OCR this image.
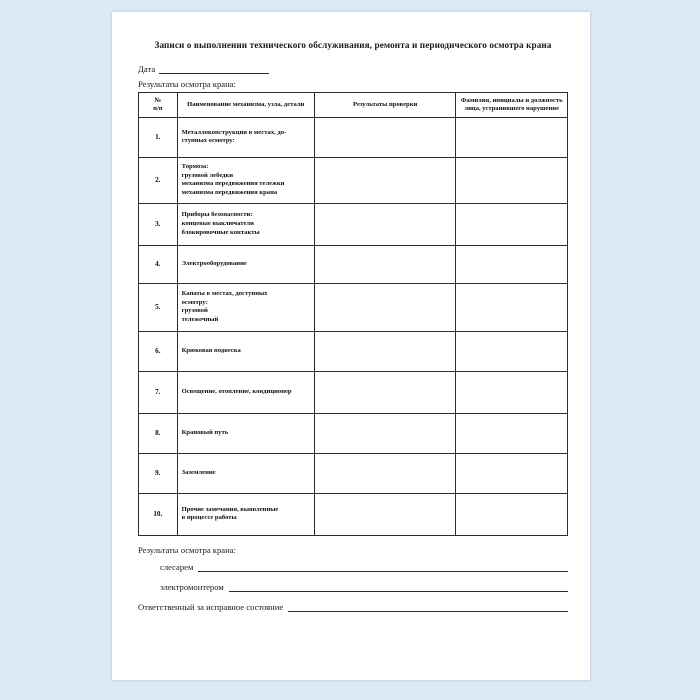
Записи о выполнении технического обслуживания, ремонта и периодического осмотра крана
Дата
Результаты осмотра крана:
№
п/п	Наименование механизма, узла, детали	Результаты проверки	Фамилия, инициалы и должность лица, устранившего нарушение
1.	Металлоконструкция в местах, до-
ступных осмотру:		
2.	Тормоза:
грузовой лебедки
механизма передвижения тележки
механизма передвижения крана		
3.	Приборы безопасности:
концевые выключатели
блокировочные контакты		
4.	Электрооборудование		
5.	Канаты в местах, доступных
осмотру:
грузовой
тележечный		
6.	Крюковая подвеска		
7.	Освещение, отопление, кондиционер		
8.	Крановый путь		
9.	Заземление		
10.	Прочие замечания, выявленные
в процессе работы		
Результаты осмотра крана:
слесарем
электромонтером
Ответственный за исправное состояние
